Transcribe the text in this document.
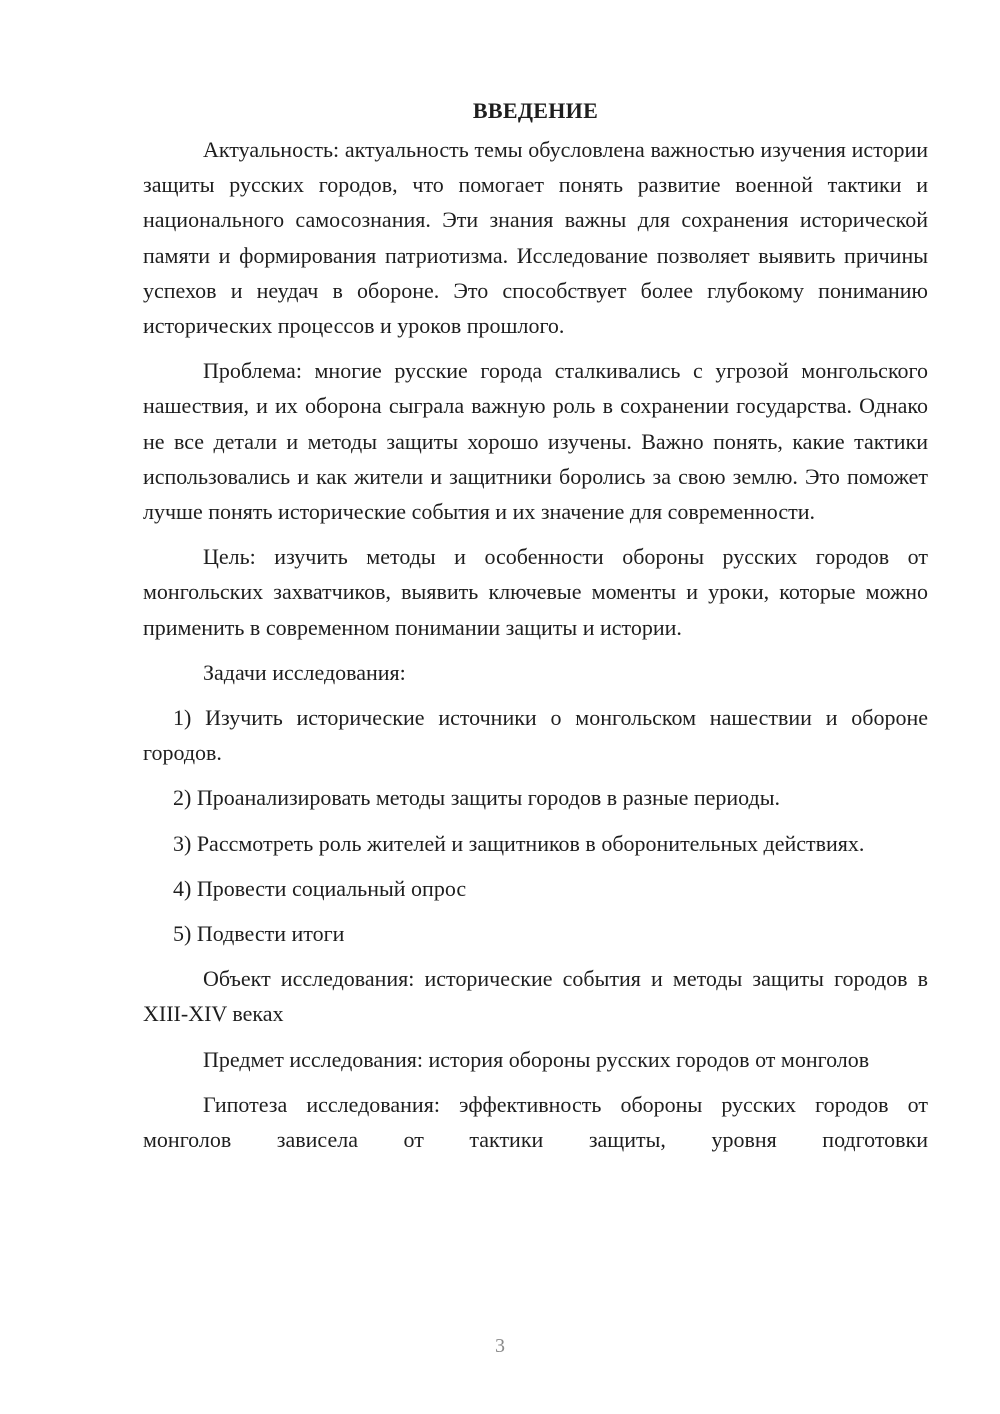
ВВЕДЕНИЕ

Актуальность: актуальность темы обусловлена важностью изучения истории защиты русских городов, что помогает понять развитие военной тактики и национального самосознания. Эти знания важны для сохранения исторической памяти и формирования патриотизма. Исследование позволяет выявить причины успехов и неудач в обороне. Это способствует более глубокому пониманию исторических процессов и уроков прошлого.

Проблема: многие русские города сталкивались с угрозой монгольского нашествия, и их оборона сыграла важную роль в сохранении государства. Однако не все детали и методы защиты хорошо изучены. Важно понять, какие тактики использовались и как жители и защитники боролись за свою землю. Это поможет лучше понять исторические события и их значение для современности.

Цель: изучить методы и особенности обороны русских городов от монгольских захватчиков, выявить ключевые моменты и уроки, которые можно применить в современном понимании защиты и истории.

Задачи исследования:

1) Изучить исторические источники о монгольском нашествии и обороне городов.

2) Проанализировать методы защиты городов в разные периоды.

3) Рассмотреть роль жителей и защитников в оборонительных действиях.

4) Провести социальный опрос

5) Подвести итоги

Объект исследования: исторические события и методы защиты городов в XIII-XIV веках

Предмет исследования: история обороны русских городов от монголов

Гипотеза исследования: эффективность обороны русских городов от монголов зависела от тактики защиты, уровня подготовки

3
